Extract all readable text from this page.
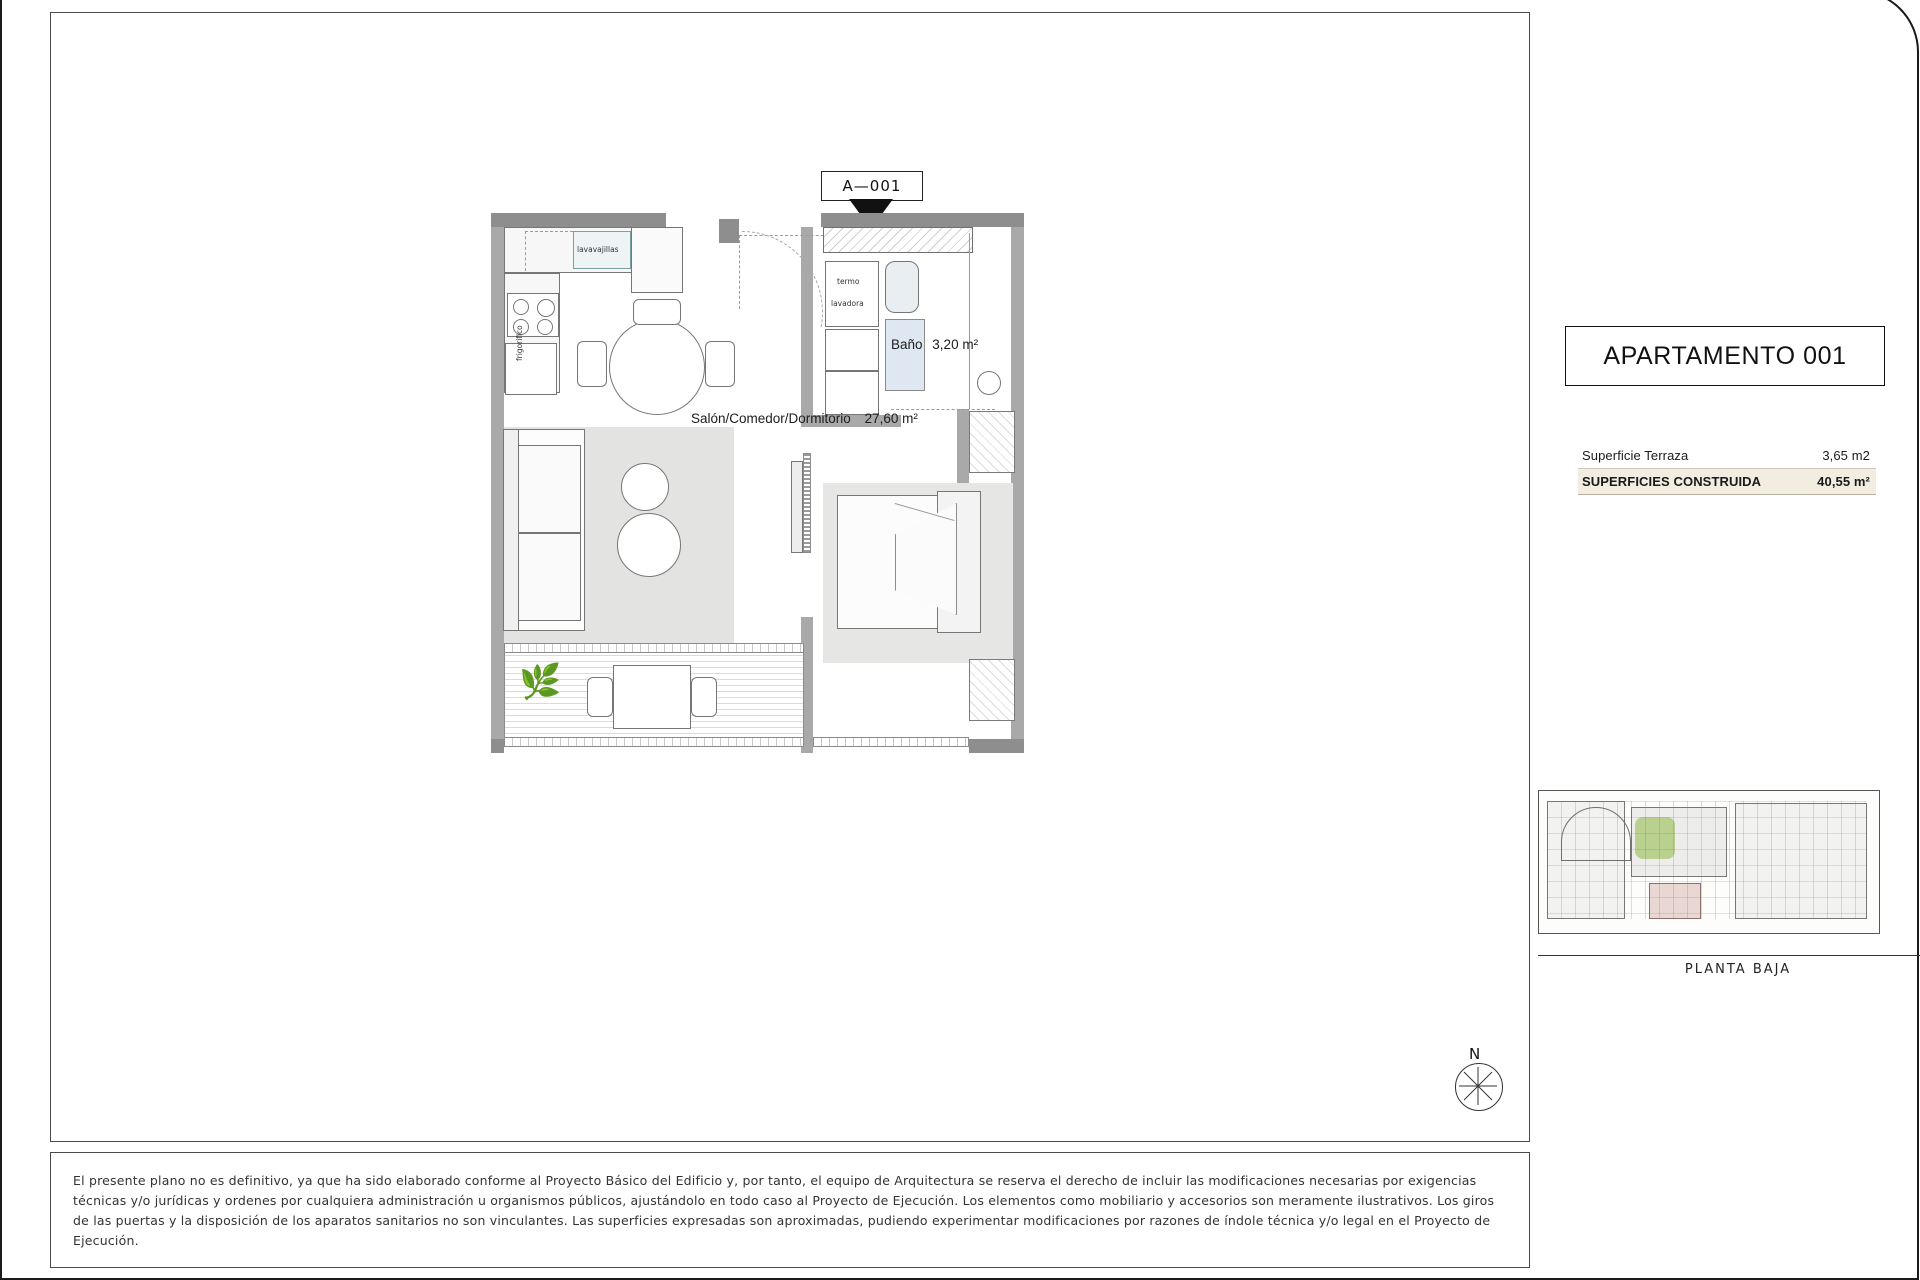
A—001
lavavajillas
frigorifico
termo
lavadora
Baño 3,20 m²
🌿
Salón/Comedor/Dormitorio 27,60 m²
N

El presente plano no es definitivo, ya que ha sido elaborado conforme al Proyecto Básico del Edificio y, por tanto, el equipo de Arquitectura se reserva el derecho de incluir las modificaciones necesarias por exigencias técnicas y/o jurídicas y ordenes por cualquiera administración u organismos públicos, ajustándolo en todo caso al Proyecto de Ejecución. Los elementos como mobiliario y accesorios son meramente ilustrativos. Los giros de las puertas y la disposición de los aparatos sanitarios no son vinculantes. Las superficies expresadas son aproximadas, pudiendo experimentar modificaciones por razones de índole técnica y/o legal en el Proyecto de Ejecución.

APARTAMENTO 001
Superficie Terraza	3,65 m2
SUPERFICIES CONSTRUIDA	40,55 m²
PLANTA BAJA
